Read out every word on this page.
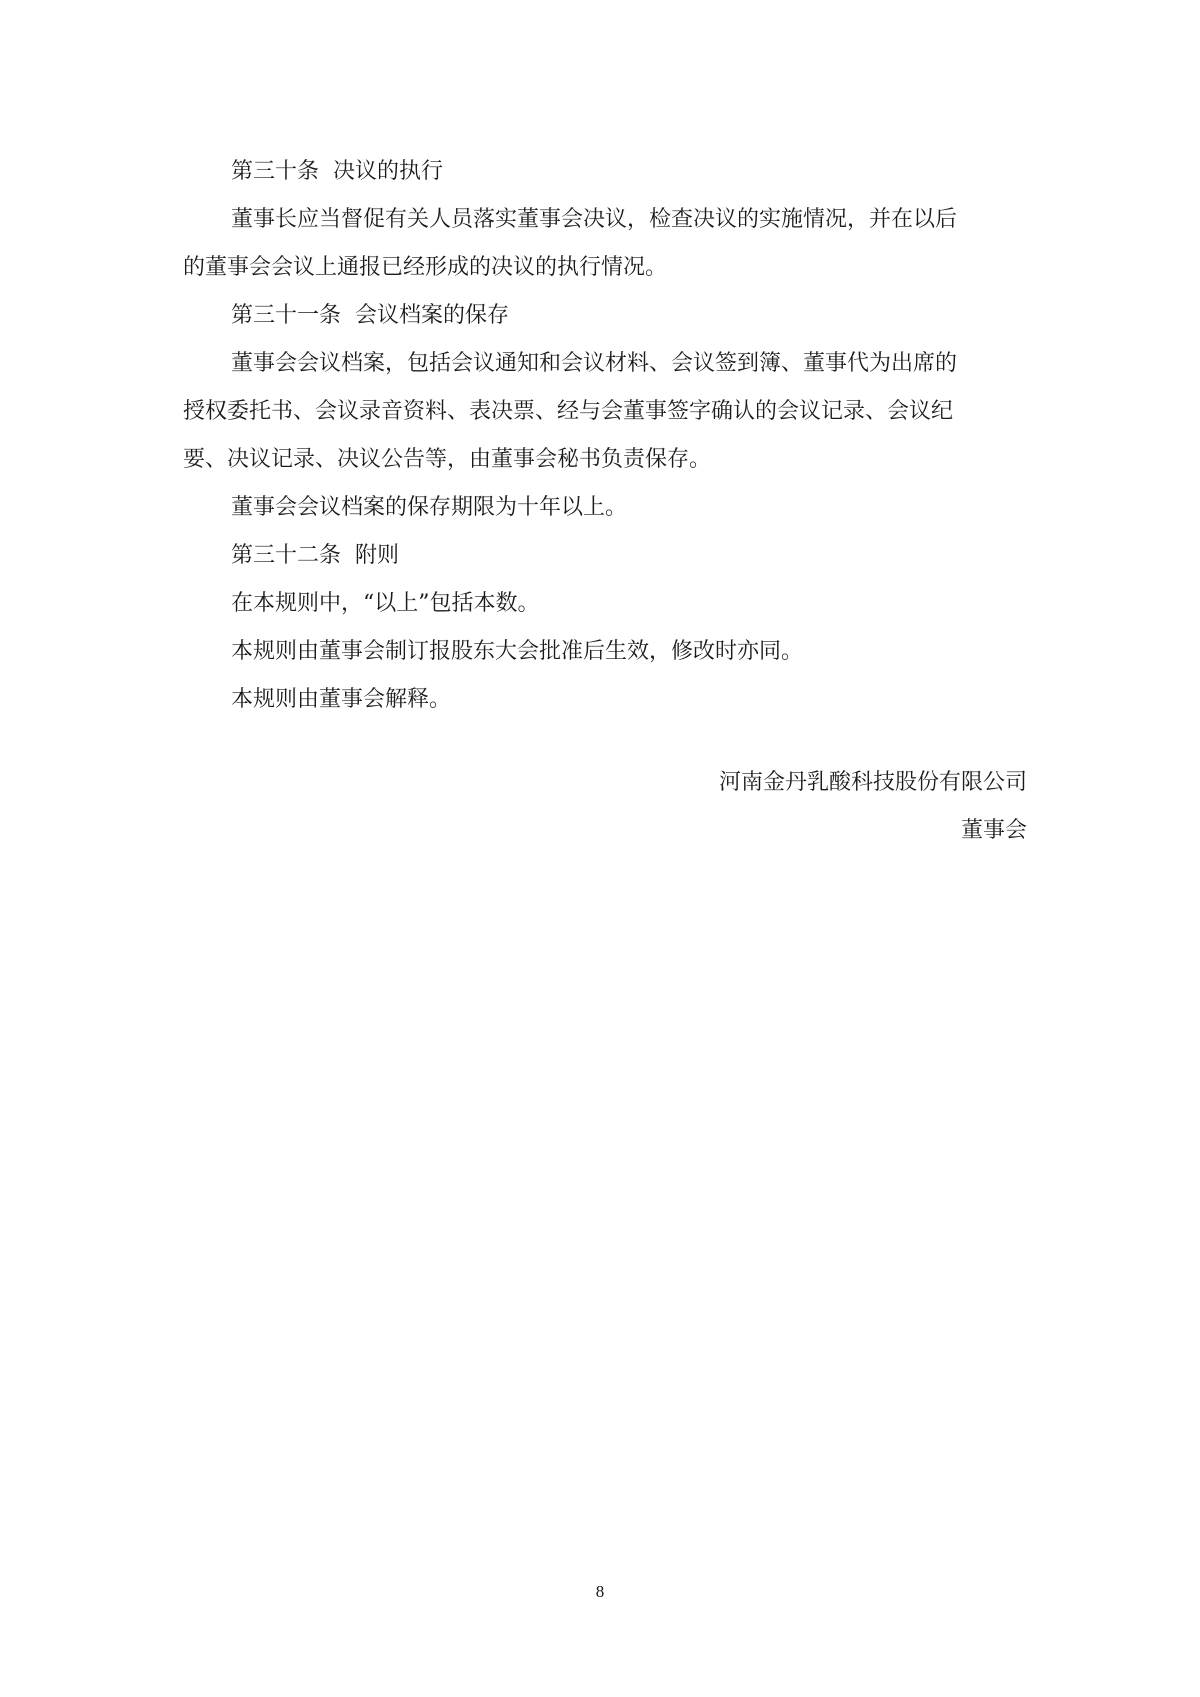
第三十条  决议的执行

董事长应当督促有关人员落实董事会决议，检查决议的实施情况，并在以后

的董事会会议上通报已经形成的决议的执行情况。

第三十一条  会议档案的保存

董事会会议档案，包括会议通知和会议材料、会议签到簿、董事代为出席的

授权委托书、会议录音资料、表决票、经与会董事签字确认的会议记录、会议纪

要、决议记录、决议公告等，由董事会秘书负责保存。

董事会会议档案的保存期限为十年以上。

第三十二条  附则

在本规则中，“以上”包括本数。

本规则由董事会制订报股东大会批准后生效，修改时亦同。

本规则由董事会解释。

河南金丹乳酸科技股份有限公司

董事会

8
